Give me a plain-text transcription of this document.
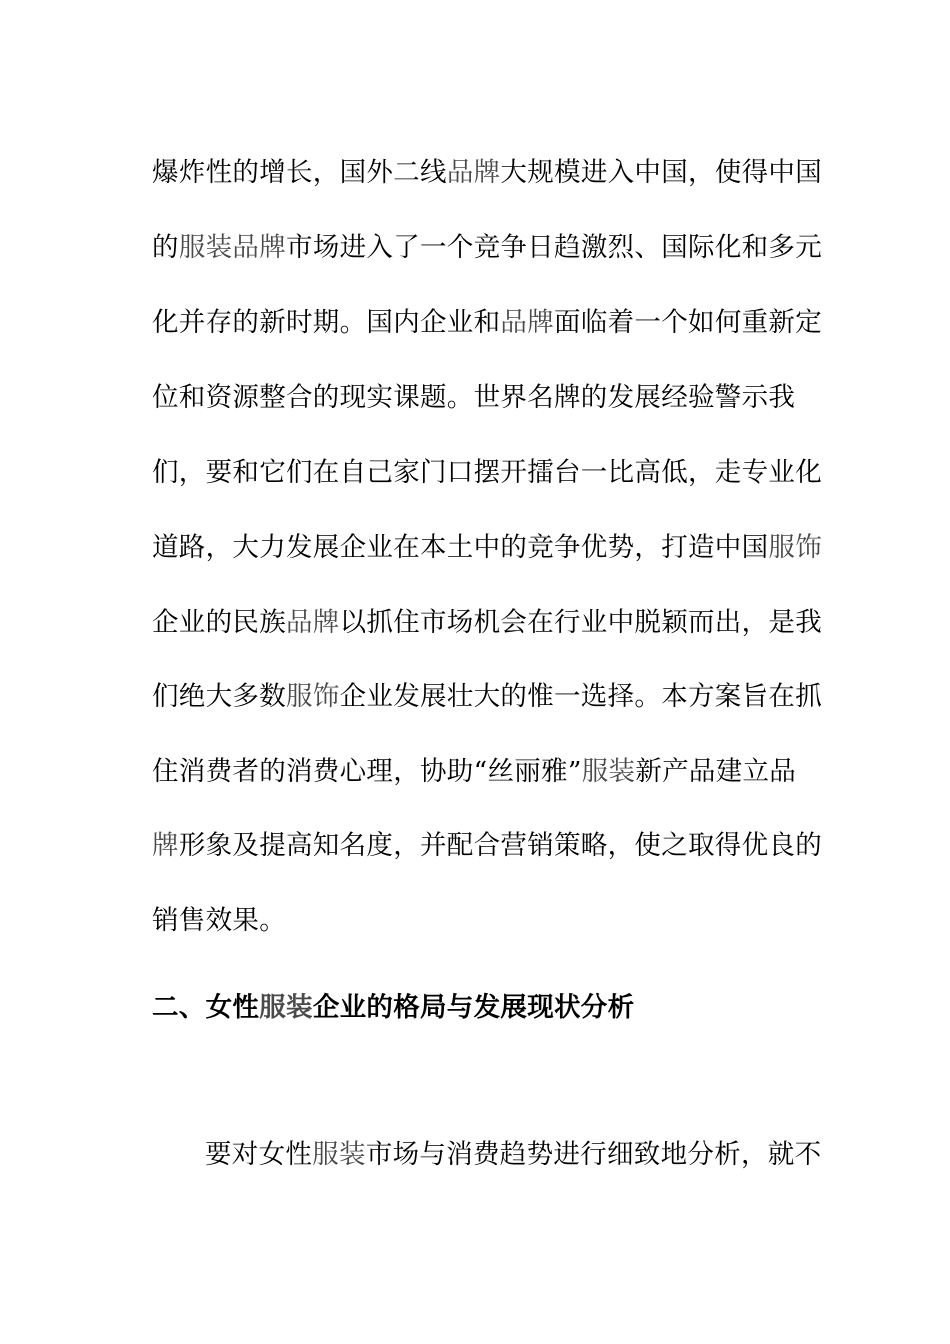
爆炸性的增长，国外二线品牌大规模进入中国，使得中国
的服装品牌市场进入了一个竞争日趋激烈、国际化和多元
化并存的新时期。国内企业和品牌面临着一个如何重新定
位和资源整合的现实课题。世界名牌的发展经验警示我
们，要和它们在自己家门口摆开擂台一比高低，走专业化
道路，大力发展企业在本土中的竞争优势，打造中国服饰
企业的民族品牌以抓住市场机会在行业中脱颖而出，是我
们绝大多数服饰企业发展壮大的惟一选择。本方案旨在抓
住消费者的消费心理，协助“丝丽雅”服装新产品建立品
牌形象及提高知名度，并配合营销策略，使之取得优良的
销售效果。
二、女性服装企业的格局与发展现状分析
要对女性服装市场与消费趋势进行细致地分析，就不
